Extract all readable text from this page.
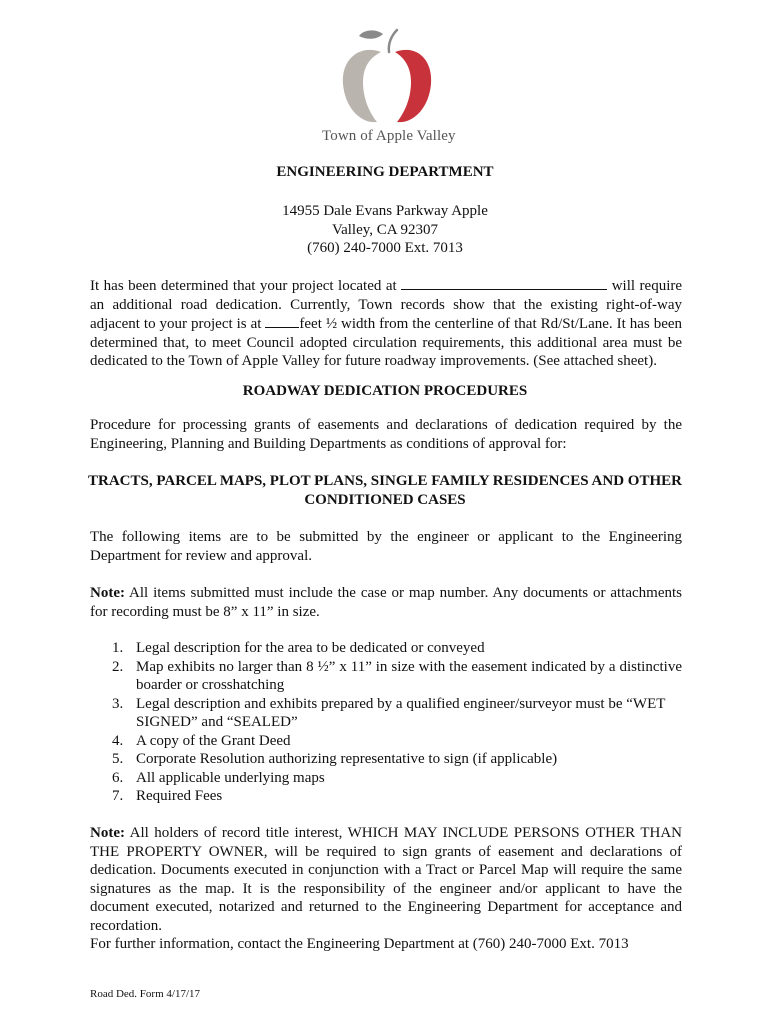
Town of Apple Valley
ENGINEERING DEPARTMENT
14955 Dale Evans Parkway Apple
Valley, CA 92307
(760) 240-7000 Ext. 7013
It has been determined that your project located at	will require an additional road dedication. Currently, Town records show that the existing right-of-way adjacent to your project is at	feet ½ width from the centerline of that Rd/St/Lane. It has been determined that, to meet Council adopted circulation requirements, this additional area must be dedicated to the Town of Apple Valley for future roadway improvements. (See attached sheet).
ROADWAY DEDICATION PROCEDURES
Procedure for processing grants of easements and declarations of dedication required by the Engineering, Planning and Building Departments as conditions of approval for:
TRACTS, PARCEL MAPS, PLOT PLANS, SINGLE FAMILY RESIDENCES AND OTHER
CONDITIONED CASES
The following items are to be submitted by the engineer or applicant to the Engineering Department for review and approval.
Note: All items submitted must include the case or map number. Any documents or attachments for recording must be 8” x 11” in size.
1. Legal description for the area to be dedicated or conveyed
2. Map exhibits no larger than 8 ½” x 11” in size with the easement indicated by a distinctive boarder or crosshatching
3. Legal description and exhibits prepared by a qualified engineer/surveyor must be “WET SIGNED” and “SEALED”
4. A copy of the Grant Deed
5. Corporate Resolution authorizing representative to sign (if applicable)
6. All applicable underlying maps
7. Required Fees
Note: All holders of record title interest, WHICH MAY INCLUDE PERSONS OTHER THAN THE PROPERTY OWNER, will be required to sign grants of easement and declarations of dedication. Documents executed in conjunction with a Tract or Parcel Map will require the same signatures as the map. It is the responsibility of the engineer and/or applicant to have the document executed, notarized and returned to the Engineering Department for acceptance and recordation.
For further information, contact the Engineering Department at (760) 240-7000 Ext. 7013
Road Ded. Form 4/17/17
